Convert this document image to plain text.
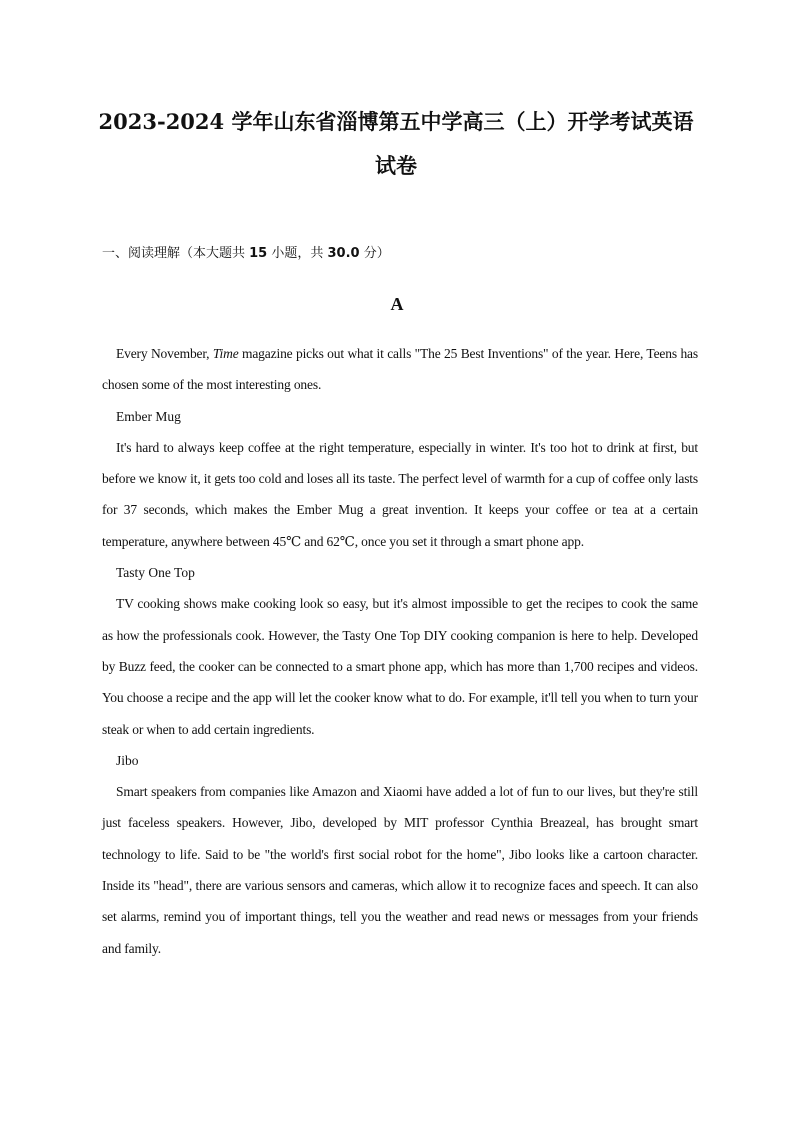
2023-2024 学年山东省淄博第五中学高三（上）开学考试英语试卷

一、阅读理解（本大题共 15 小题，共 30.0 分）

A

Every November, Time magazine picks out what it calls "The 25 Best Inventions" of the year. Here, Teens has chosen some of the most interesting ones.

Ember Mug

It's hard to always keep coffee at the right temperature, especially in winter. It's too hot to drink at first, but before we know it, it gets too cold and loses all its taste. The perfect level of warmth for a cup of coffee only lasts for 37 seconds, which makes the Ember Mug a great invention. It keeps your coffee or tea at a certain temperature, anywhere between 45℃ and 62℃, once you set it through a smart phone app.

Tasty One Top

TV cooking shows make cooking look so easy, but it's almost impossible to get the recipes to cook the same as how the professionals cook. However, the Tasty One Top DIY cooking companion is here to help. Developed by Buzz feed, the cooker can be connected to a smart phone app, which has more than 1,700 recipes and videos. You choose a recipe and the app will let the cooker know what to do. For example, it'll tell you when to turn your steak or when to add certain ingredients.

Jibo

Smart speakers from companies like Amazon and Xiaomi have added a lot of fun to our lives, but they're still just faceless speakers. However, Jibo, developed by MIT professor Cynthia Breazeal, has brought smart technology to life. Said to be "the world's first social robot for the home", Jibo looks like a cartoon character. Inside its "head", there are various sensors and cameras, which allow it to recognize faces and speech. It can also set alarms, remind you of important things, tell you the weather and read news or messages from your friends and family.
